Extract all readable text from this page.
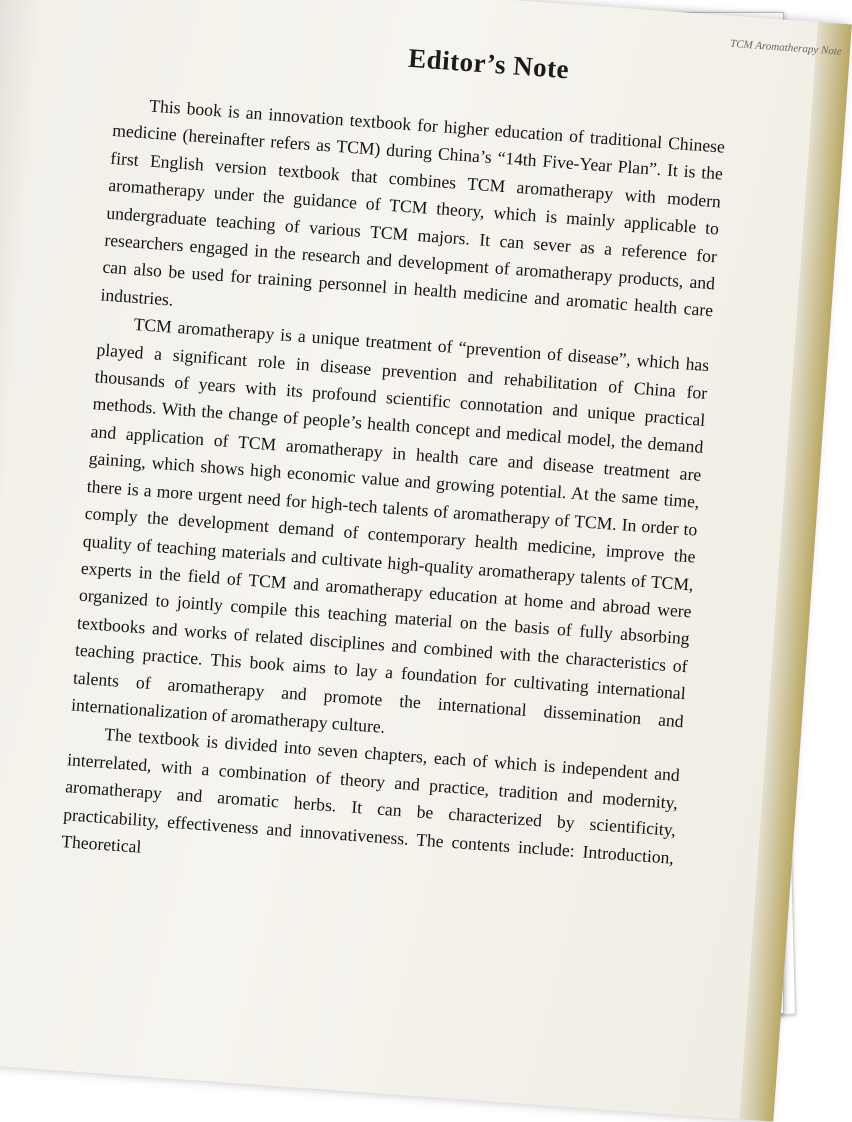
TCM Aromatherapy Note
Editor’s Note

This book is an innovation textbook for higher education of traditional Chinese medicine (hereinafter refers as TCM) during China’s “14th Five-Year Plan”. It is the first English version textbook that combines TCM aromatherapy with modern aromatherapy under the guidance of TCM theory, which is mainly applicable to undergraduate teaching of various TCM majors. It can sever as a reference for researchers engaged in the research and development of aromatherapy products, and can also be used for training personnel in health medicine and aromatic health care industries.

TCM aromatherapy is a unique treatment of “prevention of disease”, which has played a significant role in disease prevention and rehabilitation of China for thousands of years with its profound scientific connotation and unique practical methods. With the change of people’s health concept and medical model, the demand and application of TCM aromatherapy in health care and disease treatment are gaining, which shows high economic value and growing potential. At the same time, there is a more urgent need for high-tech talents of aromatherapy of TCM. In order to comply the development demand of contemporary health medicine, improve the quality of teaching materials and cultivate high-quality aromatherapy talents of TCM, experts in the field of TCM and aromatherapy education at home and abroad were organized to jointly compile this teaching material on the basis of fully absorbing textbooks and works of related disciplines and combined with the characteristics of teaching practice. This book aims to lay a foundation for cultivating international talents of aromatherapy and promote the international dissemination and internationalization of aromatherapy culture.

The textbook is divided into seven chapters, each of which is independent and interrelated, with a combination of theory and practice, tradition and modernity, aromatherapy and aromatic herbs. It can be characterized by scientificity, practicability, effectiveness and innovativeness. The contents include: Introduction, Theoretical
